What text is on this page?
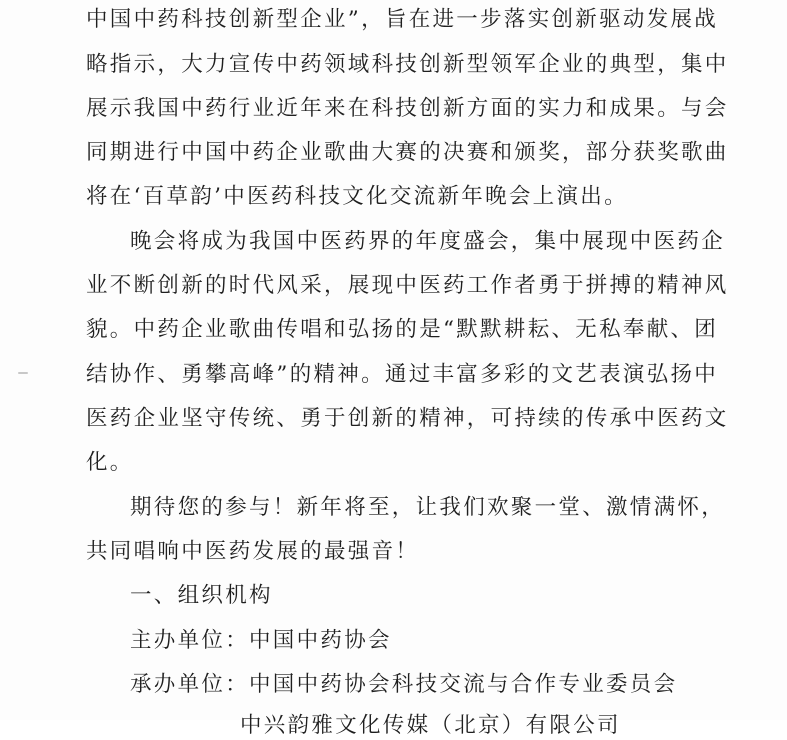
中国中药科技创新型企业”，旨在进一步落实创新驱动发展战
略指示，大力宣传中药领域科技创新型领军企业的典型，集中
展示我国中药行业近年来在科技创新方面的实力和成果。与会
同期进行中国中药企业歌曲大赛的决赛和颁奖，部分获奖歌曲
将在‘百草韵’中医药科技文化交流新年晚会上演出。
晚会将成为我国中医药界的年度盛会，集中展现中医药企
业不断创新的时代风采，展现中医药工作者勇于拼搏的精神风
貌。中药企业歌曲传唱和弘扬的是“默默耕耘、无私奉献、团
结协作、勇攀高峰”的精神。通过丰富多彩的文艺表演弘扬中
医药企业坚守传统、勇于创新的精神，可持续的传承中医药文
化。
期待您的参与！新年将至，让我们欢聚一堂、激情满怀，
共同唱响中医药发展的最强音！
一、组织机构
主办单位：中国中药协会
承办单位：中国中药协会科技交流与合作专业委员会
中兴韵雅文化传媒（北京）有限公司
